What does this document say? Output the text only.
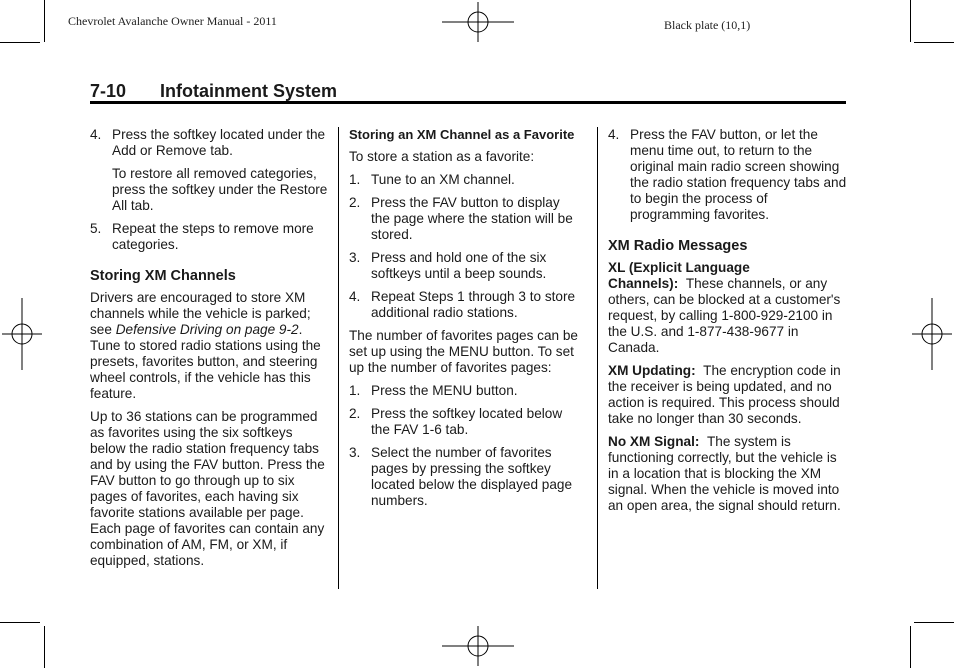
Chevrolet Avalanche Owner Manual - 2011	Black plate (10,1)
7-10 Infotainment System
4. Press the softkey located under the Add or Remove tab.

To restore all removed categories, press the softkey under the Restore All tab.

5. Repeat the steps to remove more categories.
Storing XM Channels

Drivers are encouraged to store XM channels while the vehicle is parked; see Defensive Driving on page 9-2. Tune to stored radio stations using the presets, favorites button, and steering wheel controls, if the vehicle has this feature.

Up to 36 stations can be programmed as favorites using the six softkeys below the radio station frequency tabs and by using the FAV button. Press the FAV button to go through up to six pages of favorites, each having six favorite stations available per page. Each page of favorites can contain any combination of AM, FM, or XM, if equipped, stations.

Storing an XM Channel as a Favorite

To store a station as a favorite:

1. Tune to an XM channel.
2. Press the FAV button to display the page where the station will be stored.
3. Press and hold one of the six softkeys until a beep sounds.
4. Repeat Steps 1 through 3 to store additional radio stations.

The number of favorites pages can be set up using the MENU button. To set up the number of favorites pages:

1. Press the MENU button.
2. Press the softkey located below the FAV 1-6 tab.
3. Select the number of favorites pages by pressing the softkey located below the displayed page numbers.
4. Press the FAV button, or let the menu time out, to return to the original main radio screen showing the radio station frequency tabs and to begin the process of programming favorites.
XM Radio Messages

XL (Explicit Language Channels): These channels, or any others, can be blocked at a customer's request, by calling 1-800-929-2100 in the U.S. and 1-877-438-9677 in Canada.

XM Updating: The encryption code in the receiver is being updated, and no action is required. This process should take no longer than 30 seconds.

No XM Signal: The system is functioning correctly, but the vehicle is in a location that is blocking the XM signal. When the vehicle is moved into an open area, the signal should return.
